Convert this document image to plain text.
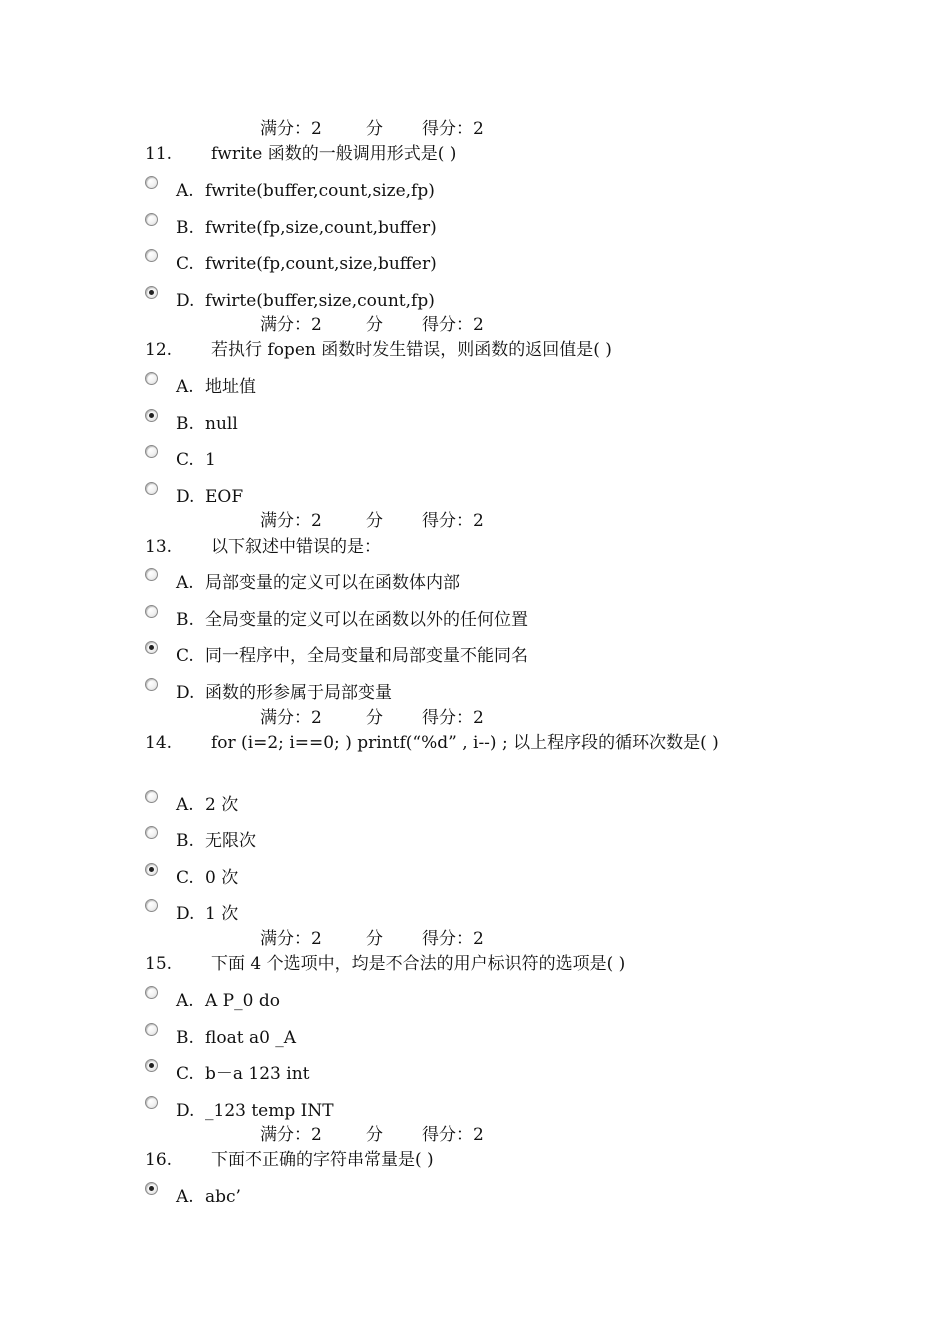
满分：2	分 得分：2
11. fwrite 函数的一般调用形式是( )
A. fwrite(buffer,count,size,fp)
B. fwrite(fp,size,count,buffer)
C. fwrite(fp,count,size,buffer)
D. fwirte(buffer,size,count,fp)
满分：2	分 得分：2
12. 若执行 fopen 函数时发生错误，则函数的返回值是( )
A. 地址值
B. null
C. 1
D. EOF
满分：2	分 得分：2
13. 以下叙述中错误的是：
A. 局部变量的定义可以在函数体内部
B. 全局变量的定义可以在函数以外的任何位置
C. 同一程序中，全局变量和局部变量不能同名
D. 函数的形参属于局部变量
满分：2	分 得分：2
14. for (i=2; i==0; ) printf(“%d” , i--) ; 以上程序段的循环次数是( )
A. 2 次
B. 无限次
C. 0 次
D. 1 次
满分：2	分 得分：2
15. 下面 4 个选项中，均是不合法的用户标识符的选项是( )
A. A P_0 do
B. float a0 _A
C. b－a 123 int
D. _123 temp INT
满分：2	分 得分：2
16. 下面不正确的字符串常量是( )
A. abc’
